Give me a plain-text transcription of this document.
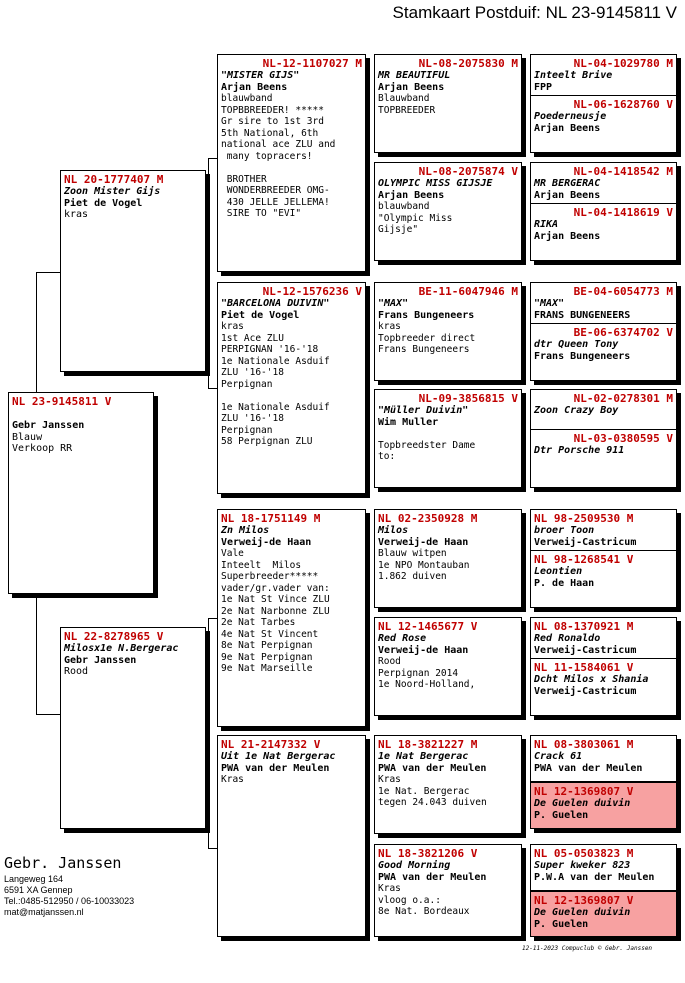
Stamkaart Postduif: NL 23-9145811 V
NL 23-9145811 V
Gebr Janssen
Blauw
Verkoop RR
NL 20-1777407 M
Zoon Mister Gijs
Piet de Vogel
kras
NL 22-8278965 V
Milosx1e N.Bergerac
Gebr Janssen
Rood
NL-12-1107027 M
"MISTER GIJS"
Arjan Beens
blauwband
TOPBBREEDER! *****
Gr sire to 1st 3rd
5th National, 6th
national ace ZLU and
many topracers!

BROTHER
WONDERBREEDER OMG-
430 JELLE JELLEMA!
SIRE TO "EVI"
NL-12-1576236 V
"BARCELONA DUIVIN"
Piet de Vogel
kras
1st Ace ZLU
PERPIGNAN '16-'18
1e Nationale Asduif
ZLU '16-'18
Perpignan

1e Nationale Asduif
ZLU '16-'18
Perpignan
58 Perpignan ZLU
NL 18-1751149 M
Zn Milos
Verweij-de Haan
Vale
Inteelt  Milos
Superbreeder*****
vader/gr.vader van:
1e Nat St Vince ZLU
2e Nat Narbonne ZLU
2e Nat Tarbes
4e Nat St Vincent
8e Nat Perpignan
9e Nat Perpignan
9e Nat Marseille
NL 21-2147332 V
Uit 1e Nat Bergerac
PWA van der Meulen
Kras
NL-08-2075830 M
MR BEAUTIFUL
Arjan Beens
Blauwband
TOPBREEDER
NL-08-2075874 V
OLYMPIC MISS GIJSJE
Arjan Beens
blauwband
"Olympic Miss
Gijsje"
BE-11-6047946 M
"MAX"
Frans Bungeneers
kras
Topbreeder direct
Frans Bungeneers
NL-09-3856815 V
"Müller Duivin"
Wim Muller

Topbreedster Dame
to:
NL 02-2350928 M
Milos
Verweij-de Haan
Blauw witpen
1e NPO Montauban
1.862 duiven
NL 12-1465677 V
Red Rose
Verweij-de Haan
Rood
Perpignan 2014
1e Noord-Holland,
NL 18-3821227 M
1e Nat Bergerac
PWA van der Meulen
Kras
1e Nat. Bergerac
tegen 24.043 duiven
NL 18-3821206 V
Good Morning
PWA van der Meulen
Kras
vloog o.a.:
8e Nat. Bordeaux
NL-04-1029780 M
Inteelt Brive
FPP
NL-06-1628760 V
Poederneusje
Arjan Beens
NL-04-1418542 M
MR BERGERAC
Arjan Beens
NL-04-1418619 V
RIKA
Arjan Beens
BE-04-6054773 M
"MAX"
FRANS BUNGENEERS
BE-06-6374702 V
dtr Queen Tony
Frans Bungeneers
NL-02-0278301 M
Zoon Crazy Boy
NL-03-0380595 V
Dtr Porsche 911
NL 98-2509530 M
broer Toon
Verweij-Castricum
NL 98-1268541 V
Leontien
P. de Haan
NL 08-1370921 M
Red Ronaldo
Verweij-Castricum
NL 11-1584061 V
Dcht Milos x Shania
Verweij-Castricum
NL 08-3803061 M
Crack 61
PWA van der Meulen
NL 12-1369807 V
De Guelen duivin
P. Guelen
NL 05-0503823 M
Super kweker 823
P.W.A van der Meulen
NL 12-1369807 V
De Guelen duivin
P. Guelen
Gebr. Janssen
Langeweg 164
6591 XA Gennep
Tel.:0485-512950 / 06-10033023
mat@matjanssen.nl
12-11-2023 Compuclub © Gebr. Janssen
